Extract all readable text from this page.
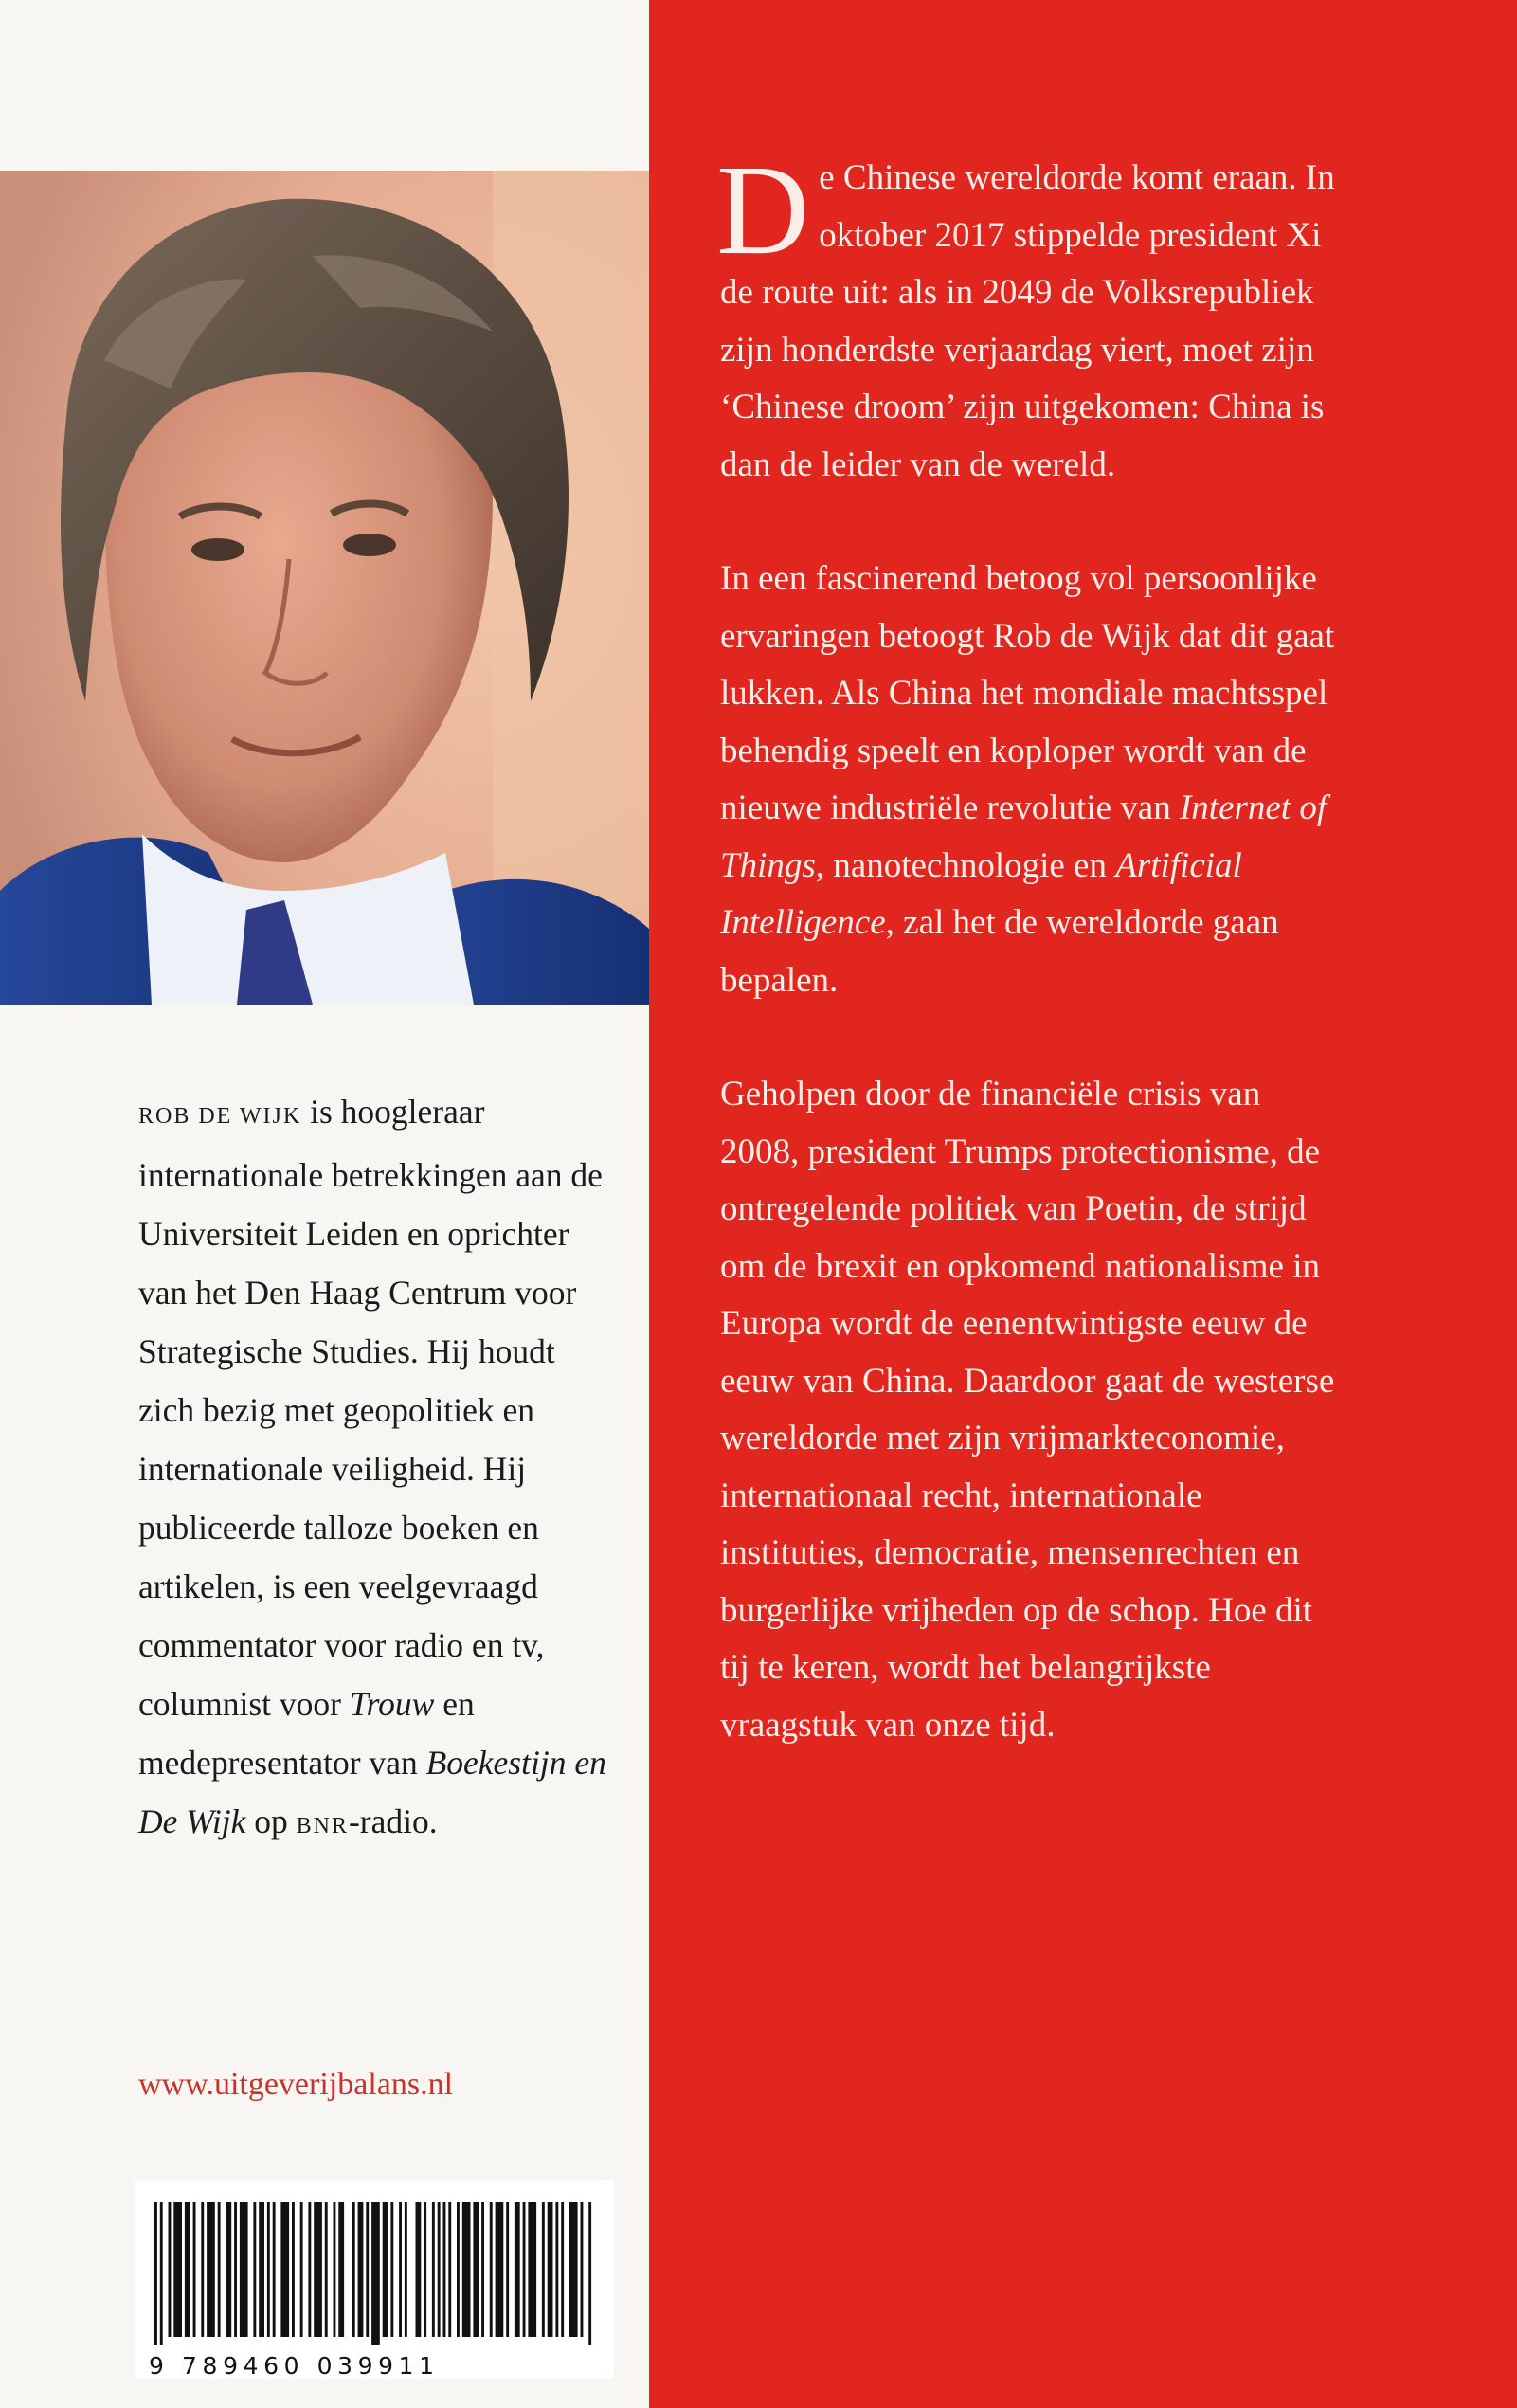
ROB DE WIJK is hoogleraar internationale betrekkingen aan de Universiteit Leiden en oprichter van het Den Haag Centrum voor Strategische Studies. Hij houdt zich bezig met geopolitiek en internationale veiligheid. Hij publiceerde talloze boeken en artikelen, is een veelgevraagd commentator voor radio en tv, columnist voor Trouw en medepresentator van Boekestijn en De Wijk op BNR-radio.

www.uitgeverijbalans.nl
9 789460 039911

De Chinese wereldorde komt eraan. In oktober 2017 stippelde president Xi de route uit: als in 2049 de Volksrepubliek zijn honderdste verjaardag viert, moet zijn ‘Chinese droom’ zijn uitgekomen: China is dan de leider van de wereld.

In een fascinerend betoog vol persoonlijke ervaringen betoogt Rob de Wijk dat dit gaat lukken. Als China het mondiale machtsspel behendig speelt en koploper wordt van de nieuwe industriële revolutie van Internet of Things, nanotechnologie en Artificial Intelligence, zal het de wereldorde gaan bepalen.

Geholpen door de financiële crisis van 2008, president Trumps protectionisme, de ontregelende politiek van Poetin, de strijd om de brexit en opkomend nationalisme in Europa wordt de eenentwintigste eeuw de eeuw van China. Daardoor gaat de westerse wereldorde met zijn vrijmarkteconomie, internationaal recht, internationale instituties, democratie, mensenrechten en burgerlijke vrijheden op de schop. Hoe dit tij te keren, wordt het belangrijkste vraagstuk van onze tijd.
